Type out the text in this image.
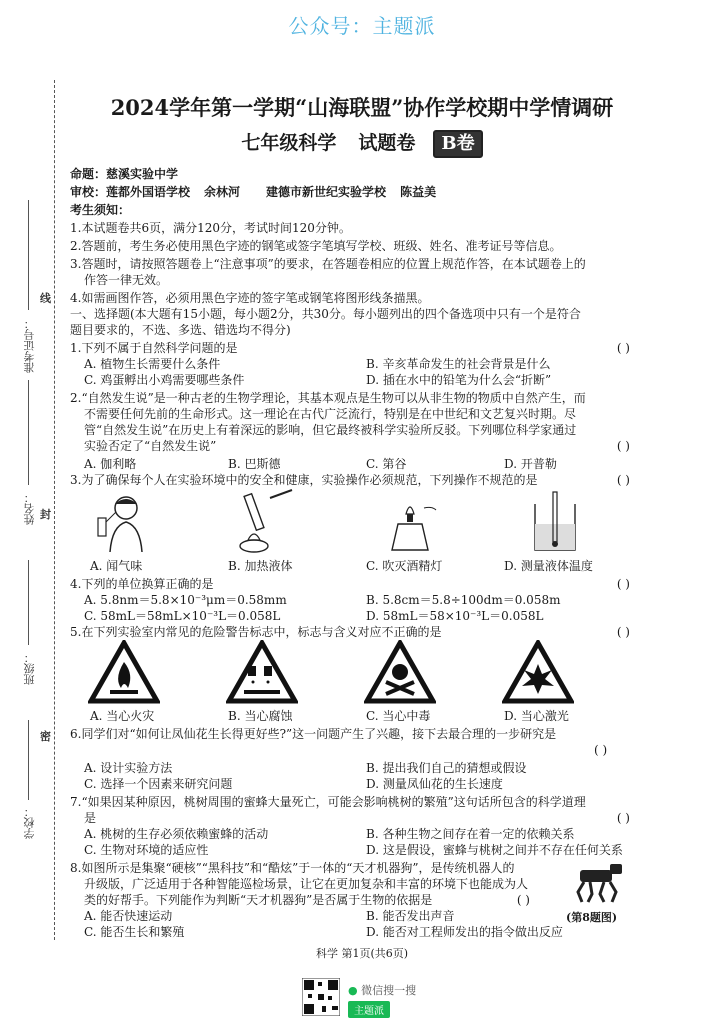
公众号：主题派
准考证号：
线
姓名： 封
班级：
密
学校：
2024学年第一学期“山海联盟”协作学校期中学情调研
七年级科学 试题卷 B卷
命题：慈溪实验中学
审校：莲都外国语学校 余林河 建德市新世纪实验学校 陈益美
考生须知：
1.本试题卷共6页，满分120分，考试时间120分钟。
2.答题前，考生务必使用黑色字迹的钢笔或签字笔填写学校、班级、姓名、准考证号等信息。
3.答题时，请按照答题卷上“注意事项”的要求，在答题卷相应的位置上规范作答，在本试题卷上的
作答一律无效。
4.如需画图作答，必须用黑色字迹的签字笔或钢笔将图形线条描黑。
一、选择题(本大题有15小题，每小题2分，共30分。每小题列出的四个备选项中只有一个是符合
题目要求的，不选、多选、错选均不得分)
1.下列不属于自然科学问题的是	( )
A. 植物生长需要什么条件	B. 辛亥革命发生的社会背景是什么
C. 鸡蛋孵出小鸡需要哪些条件	D. 插在水中的铅笔为什么会“折断”
2.“自然发生说”是一种古老的生物学理论，其基本观点是生物可以从非生物的物质中自然产生，而
不需要任何先前的生命形式。这一理论在古代广泛流行，特别是在中世纪和文艺复兴时期。尽
管“自然发生说”在历史上有着深远的影响，但它最终被科学实验所反驳。下列哪位科学家通过
实验否定了“自然发生说”	( )
A. 伽利略	B. 巴斯德	C. 第谷	D. 开普勒
3.为了确保每个人在实验环境中的安全和健康，实验操作必须规范，下列操作不规范的是	( )
A. 闻气味	B. 加热液体	C. 吹灭酒精灯	D. 测量液体温度
4.下列的单位换算正确的是	( )
A. 5.8nm＝5.8×10⁻³μm＝0.58mm	B. 5.8cm＝5.8÷100dm＝0.058m
C. 58mL＝58mL×10⁻³L＝0.058L	D. 58mL＝58×10⁻³L＝0.058L
5.在下列实验室内常见的危险警告标志中，标志与含义对应不正确的是	( )
A. 当心火灾	B. 当心腐蚀	C. 当心中毒	D. 当心激光
6.同学们对“如何让凤仙花生长得更好些?”这一问题产生了兴趣，接下去最合理的一步研究是
( )
A. 设计实验方法	B. 提出我们自己的猜想或假设
C. 选择一个因素来研究问题	D. 测量凤仙花的生长速度
7.“如果因某种原因，桃树周围的蜜蜂大量死亡，可能会影响桃树的繁殖”这句话所包含的科学道理
是	( )
A. 桃树的生存必须依赖蜜蜂的活动	B. 各种生物之间存在着一定的依赖关系
C. 生物对环境的适应性	D. 这是假设，蜜蜂与桃树之间并不存在任何关系
8.如图所示是集聚“硬核”“黑科技”和“酷炫”于一体的“天才机器狗”，是传统机器人的
升级版，广泛适用于各种智能巡检场景，让它在更加复杂和丰富的环境下也能成为人
类的好帮手。下列能作为判断“天才机器狗”是否属于生物的依据是	( )
(第8题图)
A. 能否快速运动	B. 能否发出声音
C. 能否生长和繁殖	D. 能否对工程师发出的指令做出反应
科学 第1页(共6页)
● 微信搜一搜
主题派
